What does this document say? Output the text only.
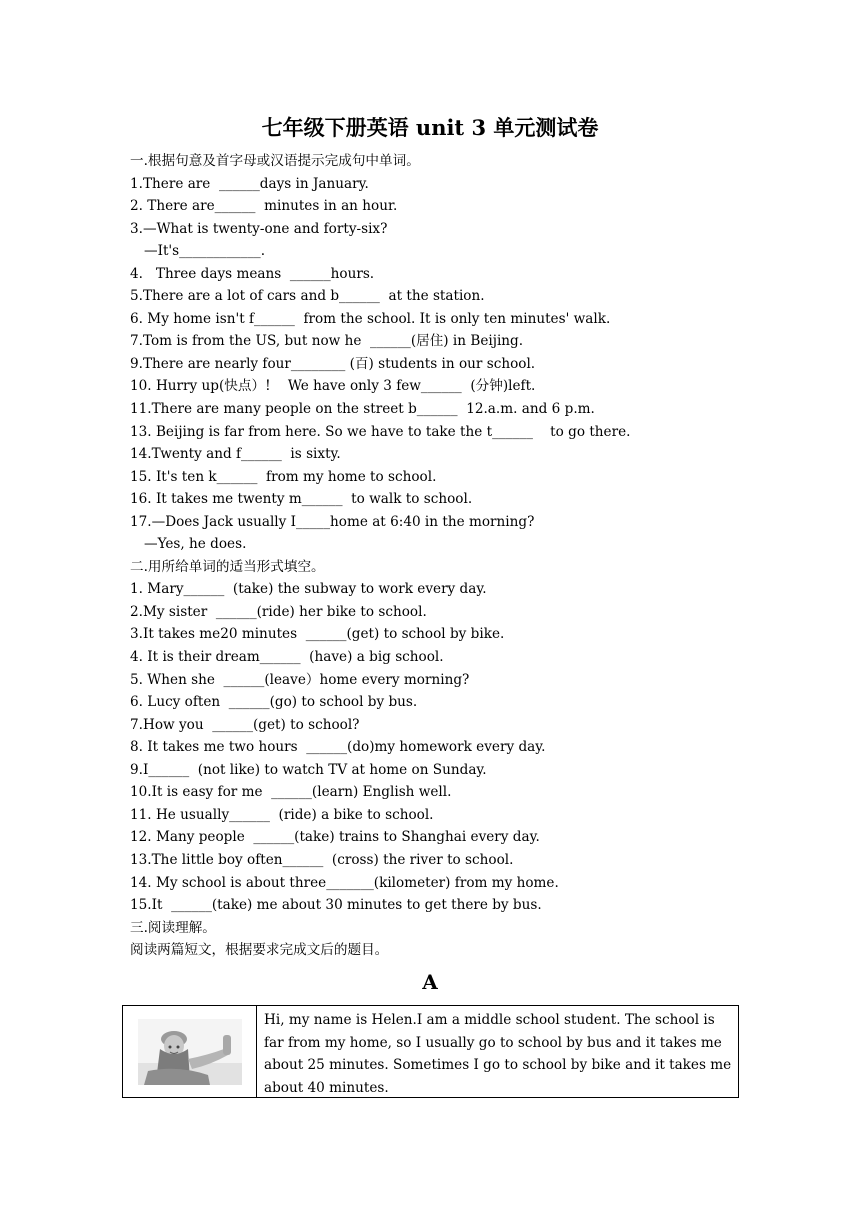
七年级下册英语 unit 3 单元测试卷
一.根据句意及首字母或汉语提示完成句中单词。
1.There are  ______days in January.
2. There are______  minutes in an hour.
3.—What is twenty-one and forty-six?
—It's____________.
4.   Three days means  ______hours.
5.There are a lot of cars and b______  at the station.
6. My home isn't f______  from the school. It is only ten minutes' walk.
7.Tom is from the US, but now he  ______(居住) in Beijing.
9.There are nearly four________ (百) students in our school.
10. Hurry up(快点）!    We have only 3 few______  (分钟)left.
11.There are many people on the street b______  12.a.m. and 6 p.m.
13. Beijing is far from here. So we have to take the t______    to go there.
14.Twenty and f______  is sixty.
15. It's ten k______  from my home to school.
16. It takes me twenty m______  to walk to school.
17.—Does Jack usually I_____home at 6:40 in the morning?
—Yes, he does.
二.用所给单词的适当形式填空。
1. Mary______  (take) the subway to work every day.
2.My sister  ______(ride) her bike to school.
3.It takes me20 minutes  ______(get) to school by bike.
4. It is their dream______  (have) a big school.
5. When she  ______(leave）home every morning?
6. Lucy often  ______(go) to school by bus.
7.How you  ______(get) to school?
8. It takes me two hours  ______(do)my homework every day.
9.I______  (not like) to watch TV at home on Sunday.
10.It is easy for me  ______(learn) English well.
11. He usually______  (ride) a bike to school.
12. Many people  ______(take) trains to Shanghai every day.
13.The little boy often______  (cross) the river to school.
14. My school is about three_______(kilometer) from my home.
15.It  ______(take) me about 30 minutes to get there by bus.
三.阅读理解。
阅读两篇短文，根据要求完成文后的题目。
A
Hi, my name is Helen.I am a middle school student. The school is far from my home, so I usually go to school by bus and it takes me about 25 minutes. Sometimes I go to school by bike and it takes me about 40 minutes.
